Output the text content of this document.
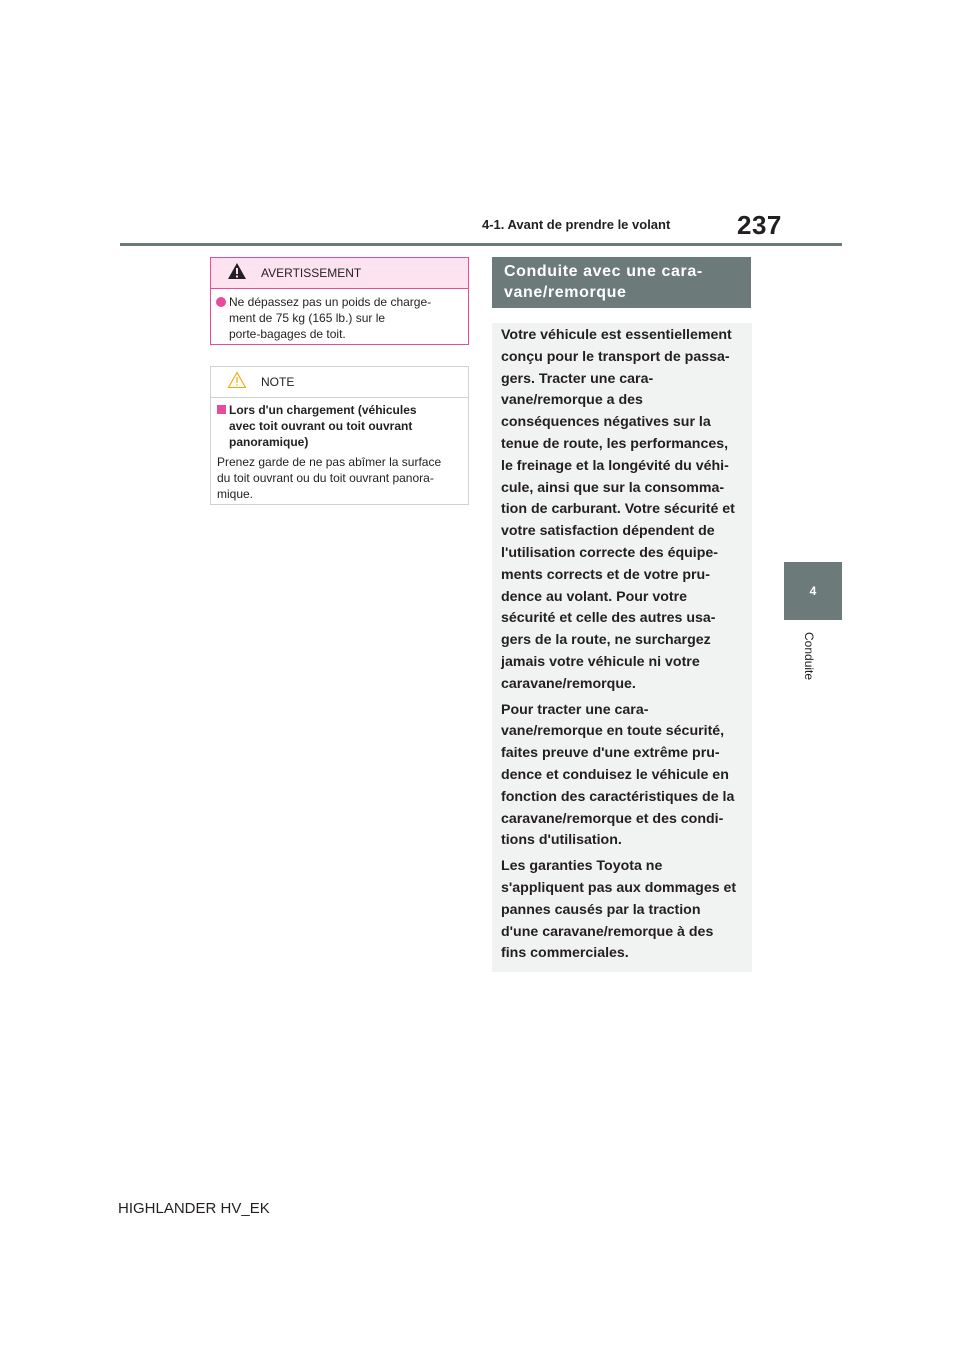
4-1. Avant de prendre le volant	237
4
Conduite
AVERTISSEMENT
Ne dépassez pas un poids de charge-
ment de 75 kg (165 lb.) sur le
porte-bagages de toit.
NOTE
Lors d'un chargement (véhicules
avec toit ouvrant ou toit ouvrant
panoramique)
Prenez garde de ne pas abîmer la surface
du toit ouvrant ou du toit ouvrant panora-
mique.
Conduite avec une cara-
vane/remorque

Votre véhicule est essentiellement
conçu pour le transport de passa-
gers. Tracter une cara-
vane/remorque a des
conséquences négatives sur la
tenue de route, les performances,
le freinage et la longévité du véhi-
cule, ainsi que sur la consomma-
tion de carburant. Votre sécurité et
votre satisfaction dépendent de
l'utilisation correcte des équipe-
ments corrects et de votre pru-
dence au volant. Pour votre
sécurité et celle des autres usa-
gers de la route, ne surchargez
jamais votre véhicule ni votre
caravane/remorque.

Pour tracter une cara-
vane/remorque en toute sécurité,
faites preuve d'une extrême pru-
dence et conduisez le véhicule en
fonction des caractéristiques de la
caravane/remorque et des condi-
tions d'utilisation.

Les garanties Toyota ne
s'appliquent pas aux dommages et
pannes causés par la traction
d'une caravane/remorque à des
fins commerciales.

HIGHLANDER HV_EK
